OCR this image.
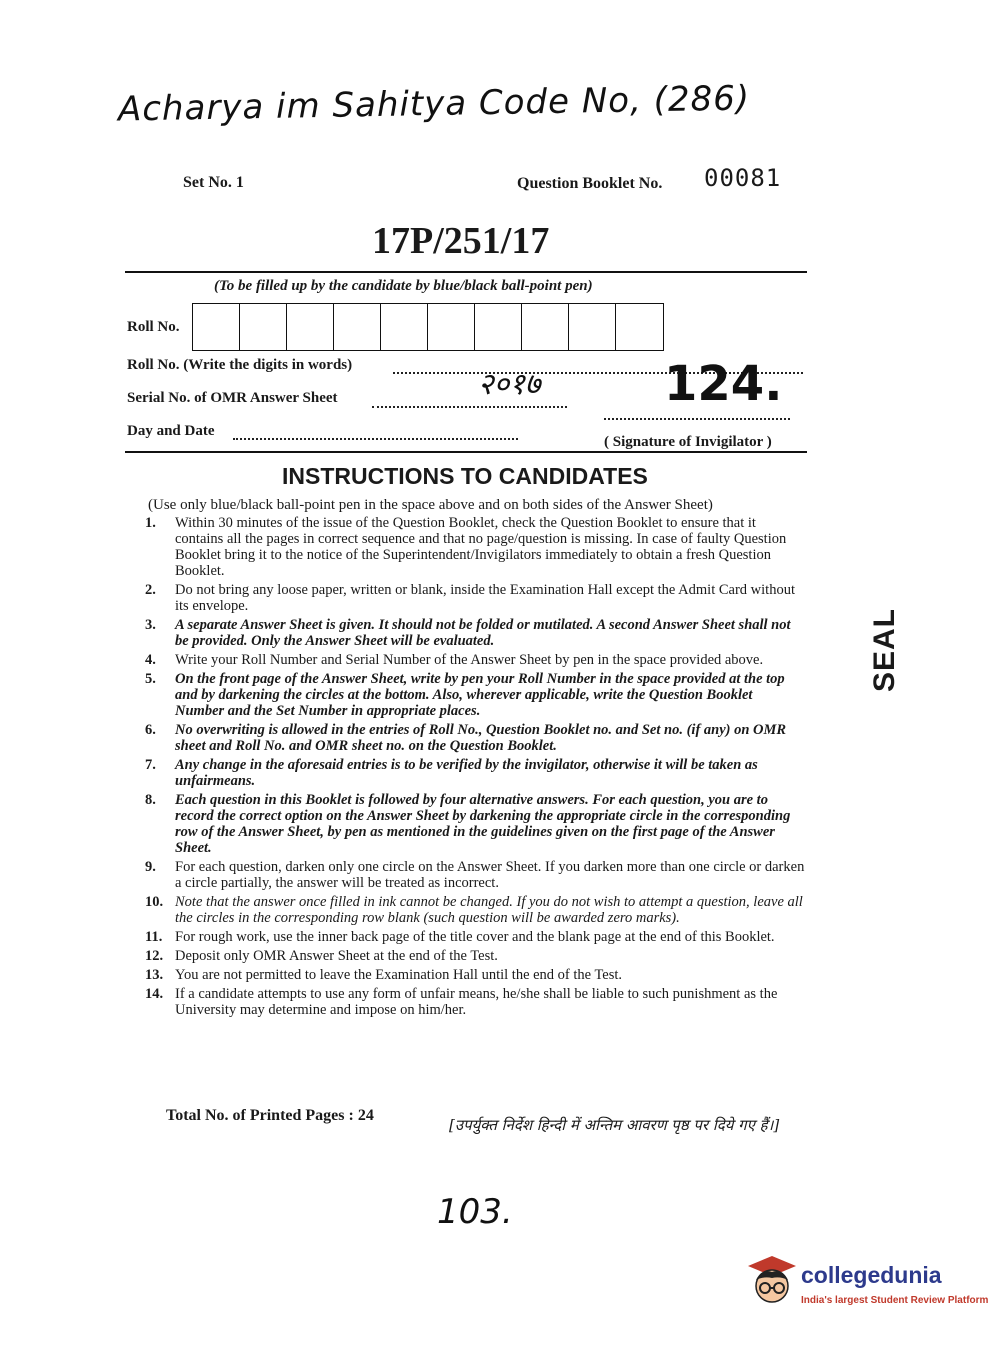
Acharya im Sahitya Code No, (286)
Set No. 1	Question Booklet No. 00081
17P/251/17
(To be filled up by the candidate by blue/black ball-point pen)
Roll No.
Roll No. (Write the digits in words)
२०१७	124.
Serial No. of OMR Answer Sheet
Day and Date
( Signature of Invigilator )
INSTRUCTIONS TO CANDIDATES
(Use only blue/black ball-point pen in the space above and on both sides of the Answer Sheet)
1. Within 30 minutes of the issue of the Question Booklet, check the Question Booklet to ensure that it contains all the pages in correct sequence and that no page/question is missing. In case of faulty Question Booklet bring it to the notice of the Superintendent/Invigilators immediately to obtain a fresh Question Booklet.
2. Do not bring any loose paper, written or blank, inside the Examination Hall except the Admit Card without its envelope.
3. A separate Answer Sheet is given. It should not be folded or mutilated. A second Answer Sheet shall not be provided. Only the Answer Sheet will be evaluated.
4. Write your Roll Number and Serial Number of the Answer Sheet by pen in the space provided above.
5. On the front page of the Answer Sheet, write by pen your Roll Number in the space provided at the top and by darkening the circles at the bottom. Also, wherever applicable, write the Question Booklet Number and the Set Number in appropriate places.
6. No overwriting is allowed in the entries of Roll No., Question Booklet no. and Set no. (if any) on OMR sheet and Roll No. and OMR sheet no. on the Question Booklet.
7. Any change in the aforesaid entries is to be verified by the invigilator, otherwise it will be taken as unfairmeans.
8. Each question in this Booklet is followed by four alternative answers. For each question, you are to record the correct option on the Answer Sheet by darkening the appropriate circle in the corresponding row of the Answer Sheet, by pen as mentioned in the guidelines given on the first page of the Answer Sheet.
9. For each question, darken only one circle on the Answer Sheet. If you darken more than one circle or darken a circle partially, the answer will be treated as incorrect.
10. Note that the answer once filled in ink cannot be changed. If you do not wish to attempt a question, leave all the circles in the corresponding row blank (such question will be awarded zero marks).
11. For rough work, use the inner back page of the title cover and the blank page at the end of this Booklet.
12. Deposit only OMR Answer Sheet at the end of the Test.
13. You are not permitted to leave the Examination Hall until the end of the Test.
14. If a candidate attempts to use any form of unfair means, he/she shall be liable to such punishment as the University may determine and impose on him/her.
Total No. of Printed Pages : 24
[उपर्युक्त निर्देश हिन्दी में अन्तिम आवरण पृष्ठ पर दिये गए हैं।]
103.
SEAL
collegedunia
India's largest Student Review Platform
